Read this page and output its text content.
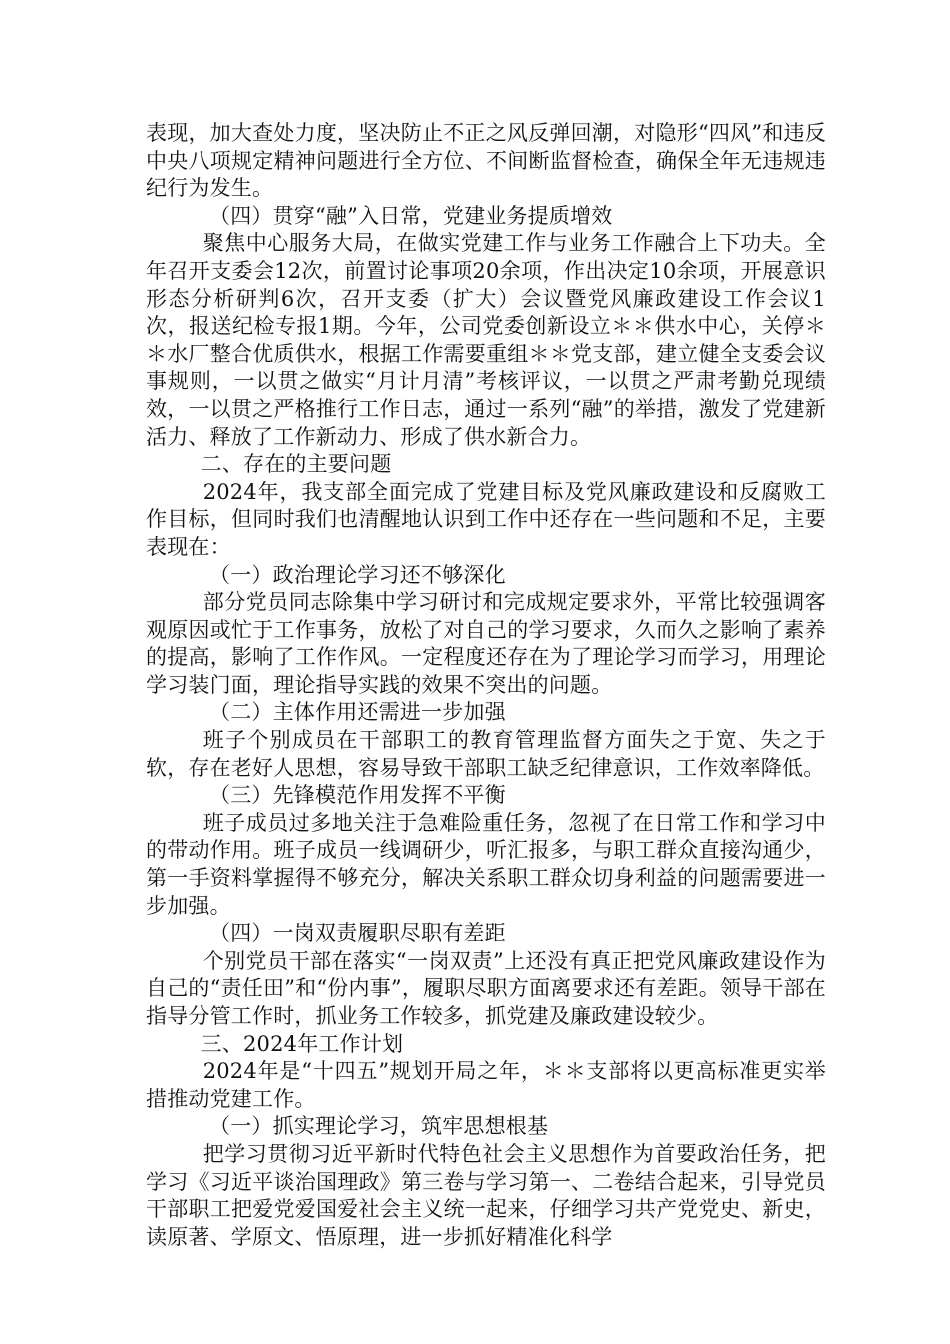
表现，加大查处力度，坚决防止不正之风反弹回潮，对隐形“四风”和违反中央八项规定精神问题进行全方位、不间断监督检查，确保全年无违规违纪行为发生。

（四）贯穿“融”入日常，党建业务提质增效

聚焦中心服务大局，在做实党建工作与业务工作融合上下功夫。全年召开支委会12次，前置讨论事项20余项，作出决定10余项，开展意识形态分析研判6次，召开支委（扩大）会议暨党风廉政建设工作会议1次，报送纪检专报1期。今年，公司党委创新设立＊＊供水中心，关停＊＊水厂整合优质供水，根据工作需要重组＊＊党支部，建立健全支委会议事规则，一以贯之做实“月计月清”考核评议，一以贯之严肃考勤兑现绩效，一以贯之严格推行工作日志，通过一系列“融”的举措，激发了党建新活力、释放了工作新动力、形成了供水新合力。

二、存在的主要问题

2024年，我支部全面完成了党建目标及党风廉政建设和反腐败工作目标，但同时我们也清醒地认识到工作中还存在一些问题和不足，主要表现在：

（一）政治理论学习还不够深化

部分党员同志除集中学习研讨和完成规定要求外，平常比较强调客观原因或忙于工作事务，放松了对自己的学习要求，久而久之影响了素养的提高，影响了工作作风。一定程度还存在为了理论学习而学习，用理论学习装门面，理论指导实践的效果不突出的问题。

（二）主体作用还需进一步加强

班子个别成员在干部职工的教育管理监督方面失之于宽、失之于软，存在老好人思想，容易导致干部职工缺乏纪律意识，工作效率降低。

（三）先锋模范作用发挥不平衡

班子成员过多地关注于急难险重任务，忽视了在日常工作和学习中的带动作用。班子成员一线调研少，听汇报多，与职工群众直接沟通少，第一手资料掌握得不够充分，解决关系职工群众切身利益的问题需要进一步加强。

（四）一岗双责履职尽职有差距

个别党员干部在落实“一岗双责”上还没有真正把党风廉政建设作为自己的“责任田”和“份内事”，履职尽职方面离要求还有差距。领导干部在指导分管工作时，抓业务工作较多，抓党建及廉政建设较少。

三、2024年工作计划

2024年是“十四五”规划开局之年，＊＊支部将以更高标准更实举措推动党建工作。

（一）抓实理论学习，筑牢思想根基

把学习贯彻习近平新时代特色社会主义思想作为首要政治任务，把学习《习近平谈治国理政》第三卷与学习第一、二卷结合起来，引导党员干部职工把爱党爱国爱社会主义统一起来，仔细学习共产党党史、新史，读原著、学原文、悟原理，进一步抓好精准化科学
